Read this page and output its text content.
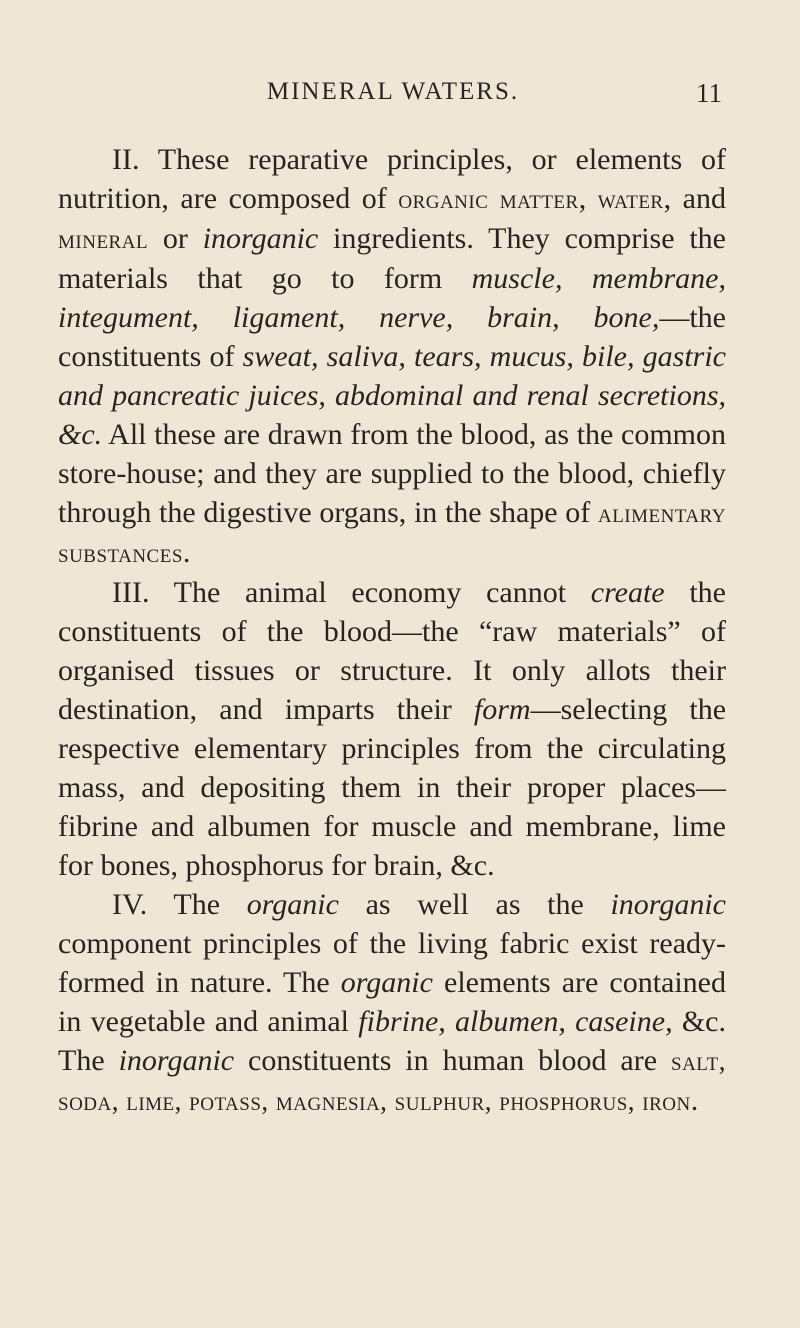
MINERAL WATERS.	11

II. These reparative principles, or elements of nutrition, are composed of organic matter, water, and mineral or inorganic ingredients. They comprise the materials that go to form muscle, membrane, integument, ligament, nerve, brain, bone,—the constituents of sweat, saliva, tears, mucus, bile, gastric and pancreatic juices, abdominal and renal secretions, &c. All these are drawn from the blood, as the common store-house; and they are supplied to the blood, chiefly through the digestive organs, in the shape of alimentary substances.

III. The animal economy cannot create the constituents of the blood—the “raw materials” of organised tissues or structure. It only allots their destination, and imparts their form—selecting the respective elementary principles from the circulating mass, and depositing them in their proper places—fibrine and albumen for muscle and membrane, lime for bones, phosphorus for brain, &c.

IV. The organic as well as the inorganic component principles of the living fabric exist ready-formed in nature. The organic elements are contained in vegetable and animal fibrine, albumen, caseine, &c. The inorganic constituents in human blood are salt, soda, lime, potass, magnesia, sulphur, phosphorus, iron.
